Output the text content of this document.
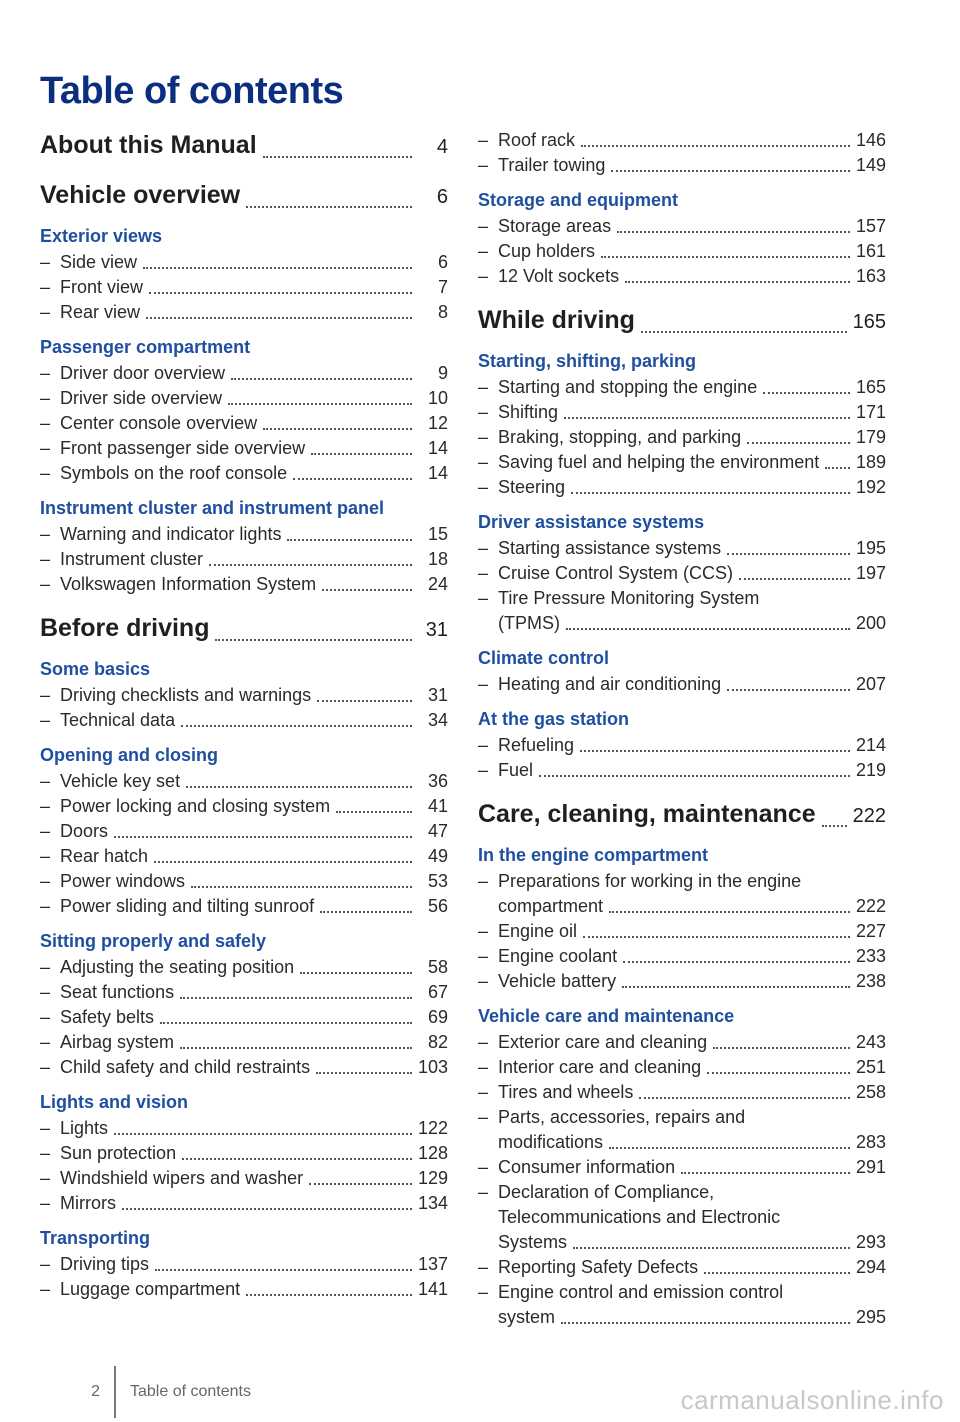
Table of contents
About this Manual	4
Vehicle overview	6
Exterior views
– Side view	6
– Front view	7
– Rear view	8
Passenger compartment
– Driver door overview	9
– Driver side overview	10
– Center console overview	12
– Front passenger side overview	14
– Symbols on the roof console	14
Instrument cluster and instrument panel
– Warning and indicator lights	15
– Instrument cluster	18
– Volkswagen Information System	24
Before driving	31
Some basics
– Driving checklists and warnings	31
– Technical data	34
Opening and closing
– Vehicle key set	36
– Power locking and closing system	41
– Doors	47
– Rear hatch	49
– Power windows	53
– Power sliding and tilting sunroof	56
Sitting properly and safely
– Adjusting the seating position	58
– Seat functions	67
– Safety belts	69
– Airbag system	82
– Child safety and child restraints	103
Lights and vision
– Lights	122
– Sun protection	128
– Windshield wipers and washer	129
– Mirrors	134
Transporting
– Driving tips	137
– Luggage compartment	141
– Roof rack	146
– Trailer towing	149
Storage and equipment
– Storage areas	157
– Cup holders	161
– 12 Volt sockets	163
While driving	165
Starting, shifting, parking
– Starting and stopping the engine	165
– Shifting	171
– Braking, stopping, and parking	179
– Saving fuel and helping the environment 189
– Steering	192
Driver assistance systems
– Starting assistance systems	195
– Cruise Control System (CCS)	197
– Tire Pressure Monitoring System
(TPMS)	200
Climate control
– Heating and air conditioning	207
At the gas station
– Refueling	214
– Fuel	219
Care, cleaning, maintenance 222
In the engine compartment
– Preparations for working in the engine
compartment	222
– Engine oil	227
– Engine coolant	233
– Vehicle battery	238
Vehicle care and maintenance
– Exterior care and cleaning	243
– Interior care and cleaning	251
– Tires and wheels	258
– Parts, accessories, repairs and
modifications	283
– Consumer information	291
– Declaration of Compliance,
Telecommunications and Electronic
Systems	293
– Reporting Safety Defects	294
– Engine control and emission control
system	295
2 Table of contents	carmanualsonline.info
